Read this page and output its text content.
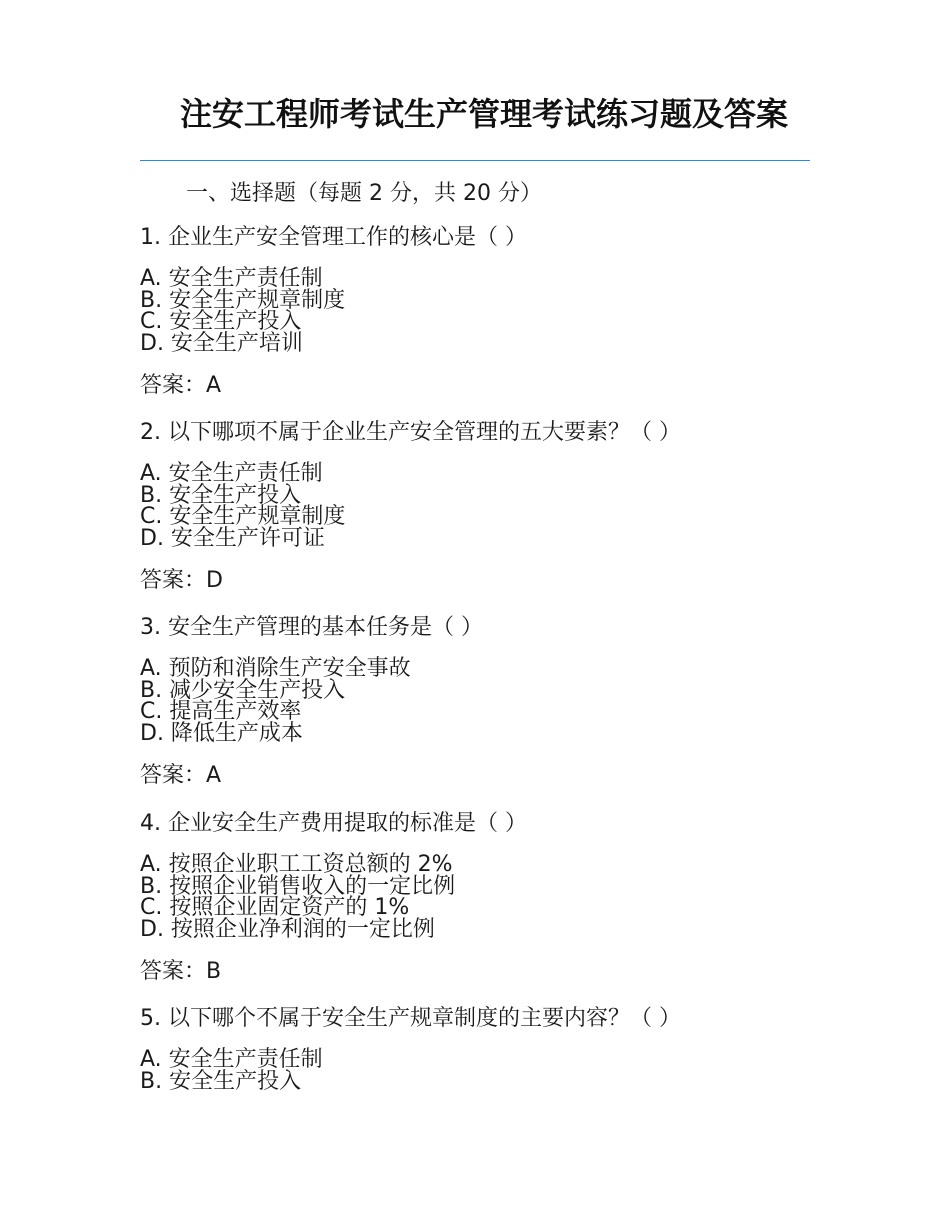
注安工程师考试生产管理考试练习题及答案
一、选择题（每题 2 分，共 20 分）
1. 企业生产安全管理工作的核心是（ ）
A. 安全生产责任制
B. 安全生产规章制度
C. 安全生产投入
D. 安全生产培训
答案：A
2. 以下哪项不属于企业生产安全管理的五大要素？（ ）
A. 安全生产责任制
B. 安全生产投入
C. 安全生产规章制度
D. 安全生产许可证
答案：D
3. 安全生产管理的基本任务是（ ）
A. 预防和消除生产安全事故
B. 减少安全生产投入
C. 提高生产效率
D. 降低生产成本
答案：A
4. 企业安全生产费用提取的标准是（ ）
A. 按照企业职工工资总额的 2%
B. 按照企业销售收入的一定比例
C. 按照企业固定资产的 1%
D. 按照企业净利润的一定比例
答案：B
5. 以下哪个不属于安全生产规章制度的主要内容？（ ）
A. 安全生产责任制
B. 安全生产投入
